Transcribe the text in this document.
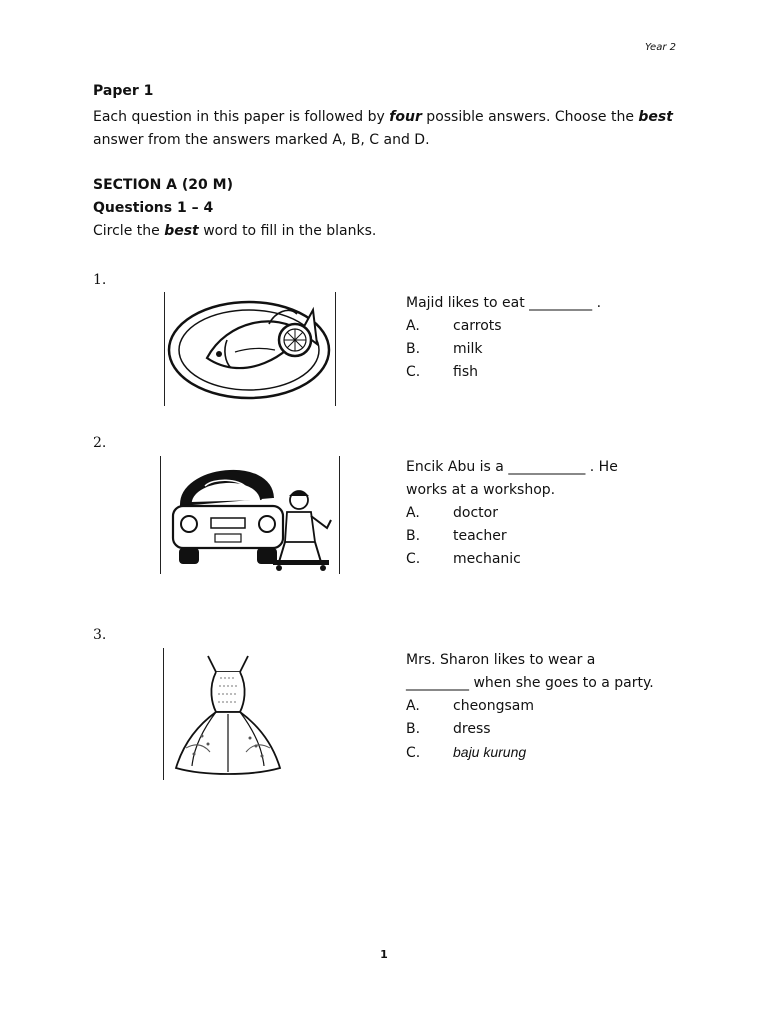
Year 2
Paper 1
Each question in this paper is followed by four possible answers. Choose the best answer from the answers marked A, B, C and D.
SECTION A (20 M)
Questions 1 – 4
Circle the best word to fill in the blanks.
1.
Majid likes to eat _________ .
A. carrots
B. milk
C. fish
2.
Encik Abu is a ___________ . He
works at a workshop.
A. doctor
B. teacher
C. mechanic
3.
Mrs. Sharon likes to wear a
_________ when she goes to a party.
A. cheongsam
B. dress
C. baju kurung
1
